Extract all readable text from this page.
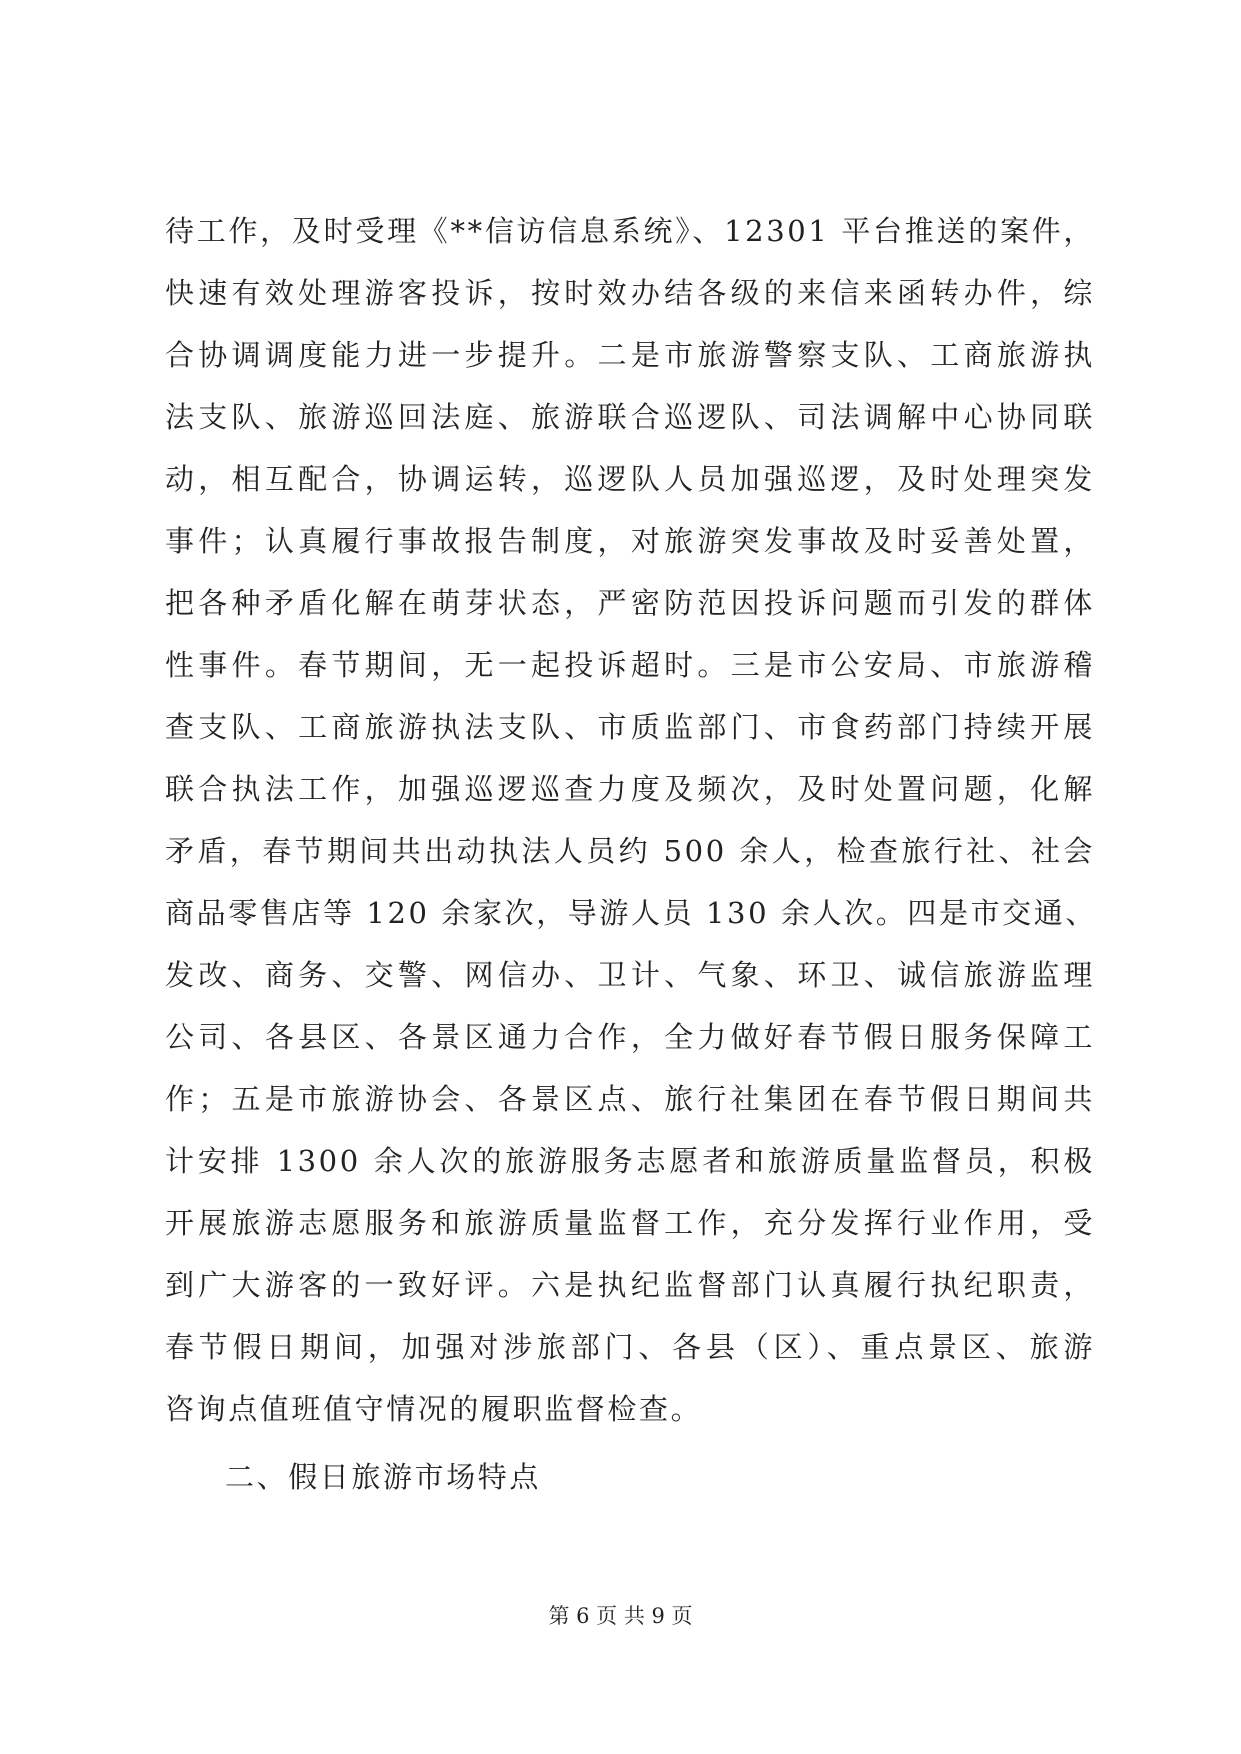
待工作，及时受理《**信访信息系统》、12301 平台推送的案件，
快速有效处理游客投诉，按时效办结各级的来信来函转办件，综
合协调调度能力进一步提升。二是市旅游警察支队、工商旅游执
法支队、旅游巡回法庭、旅游联合巡逻队、司法调解中心协同联
动，相互配合，协调运转，巡逻队人员加强巡逻，及时处理突发
事件；认真履行事故报告制度，对旅游突发事故及时妥善处置，
把各种矛盾化解在萌芽状态，严密防范因投诉问题而引发的群体
性事件。春节期间，无一起投诉超时。三是市公安局、市旅游稽
查支队、工商旅游执法支队、市质监部门、市食药部门持续开展
联合执法工作，加强巡逻巡查力度及频次，及时处置问题，化解
矛盾，春节期间共出动执法人员约 500 余人，检查旅行社、社会
商品零售店等 120 余家次，导游人员 130 余人次。四是市交通、
发改、商务、交警、网信办、卫计、气象、环卫、诚信旅游监理
公司、各县区、各景区通力合作，全力做好春节假日服务保障工
作；五是市旅游协会、各景区点、旅行社集团在春节假日期间共
计安排 1300 余人次的旅游服务志愿者和旅游质量监督员，积极
开展旅游志愿服务和旅游质量监督工作，充分发挥行业作用，受
到广大游客的一致好评。六是执纪监督部门认真履行执纪职责，
春节假日期间，加强对涉旅部门、各县（区）、重点景区、旅游
咨询点值班值守情况的履职监督检查。
二、假日旅游市场特点
第 6 页 共 9 页
